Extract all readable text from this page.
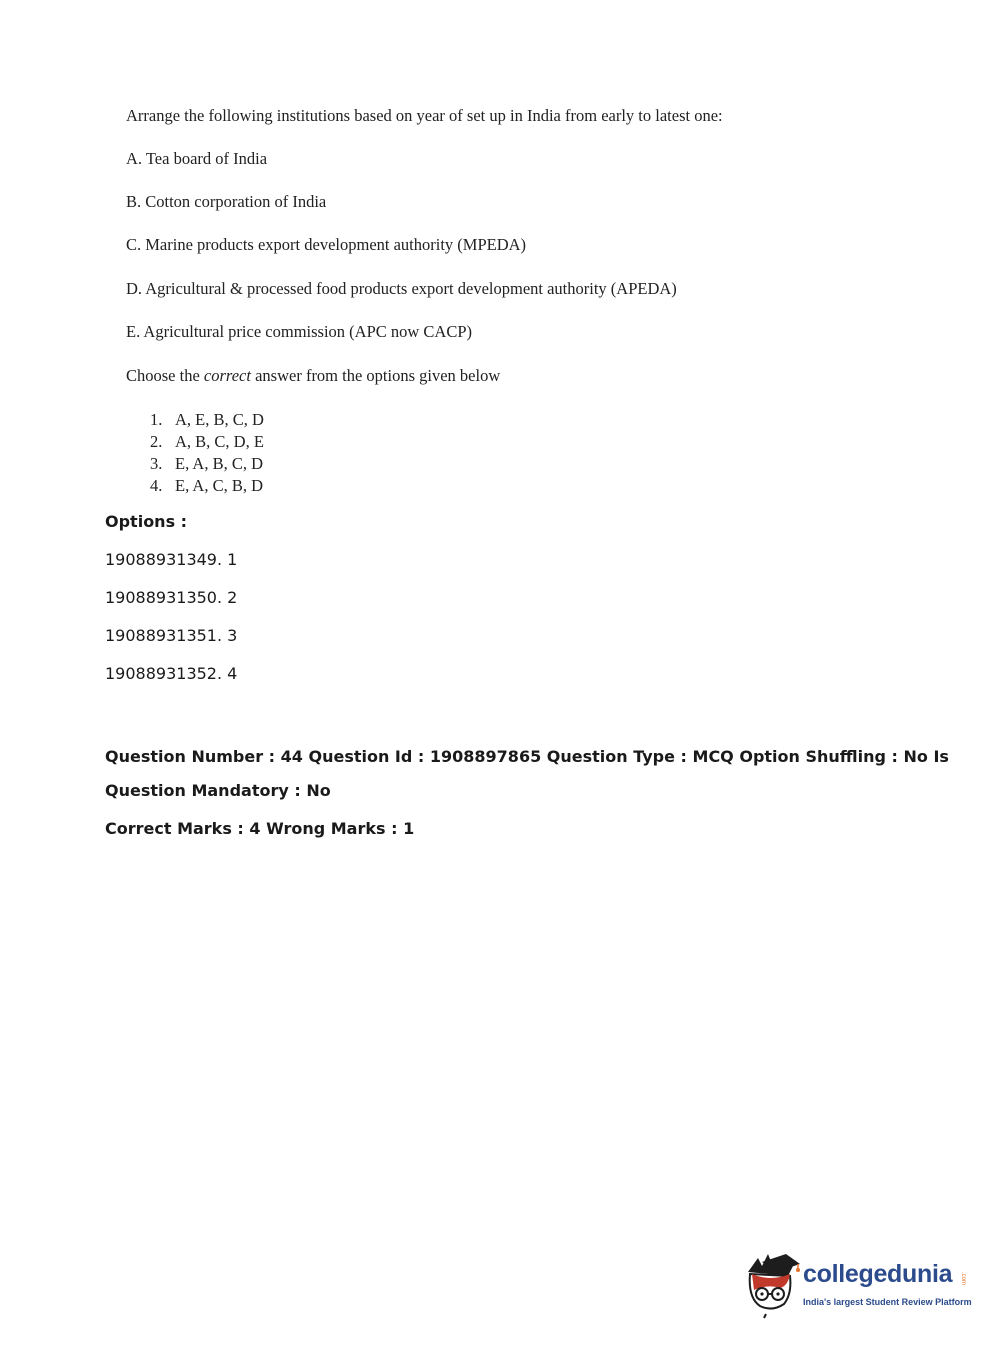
Arrange the following institutions based on year of set up in India from early to latest one:
A. Tea board of India
B. Cotton corporation of India
C. Marine products export development authority (MPEDA)
D. Agricultural & processed food products export development authority (APEDA)
E. Agricultural price commission (APC now CACP)
Choose the correct answer from the options given below
1. A, E, B, C, D
2. A, B, C, D, E
3. E, A, B, C, D
4. E, A, C, B, D
Options :
19088931349. 1
19088931350. 2
19088931351. 3
19088931352. 4
Question Number : 44 Question Id : 1908897865 Question Type : MCQ Option Shuffling : No Is
Question Mandatory : No
Correct Marks : 4 Wrong Marks : 1
collegedunia .com
India's largest Student Review Platform
